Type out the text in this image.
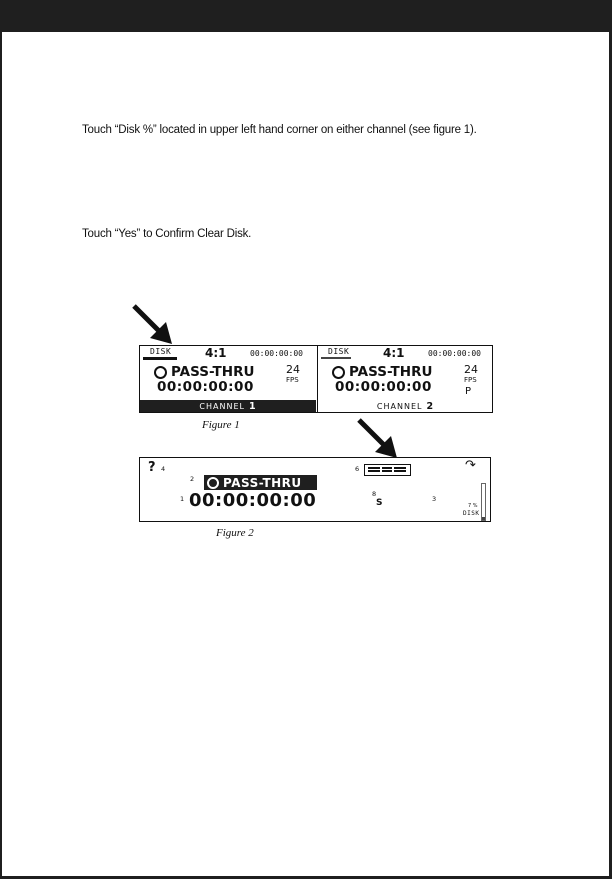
Touch “Disk %” located in upper left hand corner on either channel (see figure 1).
Touch “Yes” to Confirm Clear Disk.
DISK	4:1	00:00:00:00
PASS-THRU
00:00:00:00
24
FPS
CHANNEL 1
DISK	4:1	00:00:00:00
PASS-THRU
00:00:00:00
24
FPS
P
CHANNEL 2
Figure 1
? 4
2
1
6
8
3
PASS-THRU
00:00:00:00
↷
S	7 %
DISK
Figure 2
